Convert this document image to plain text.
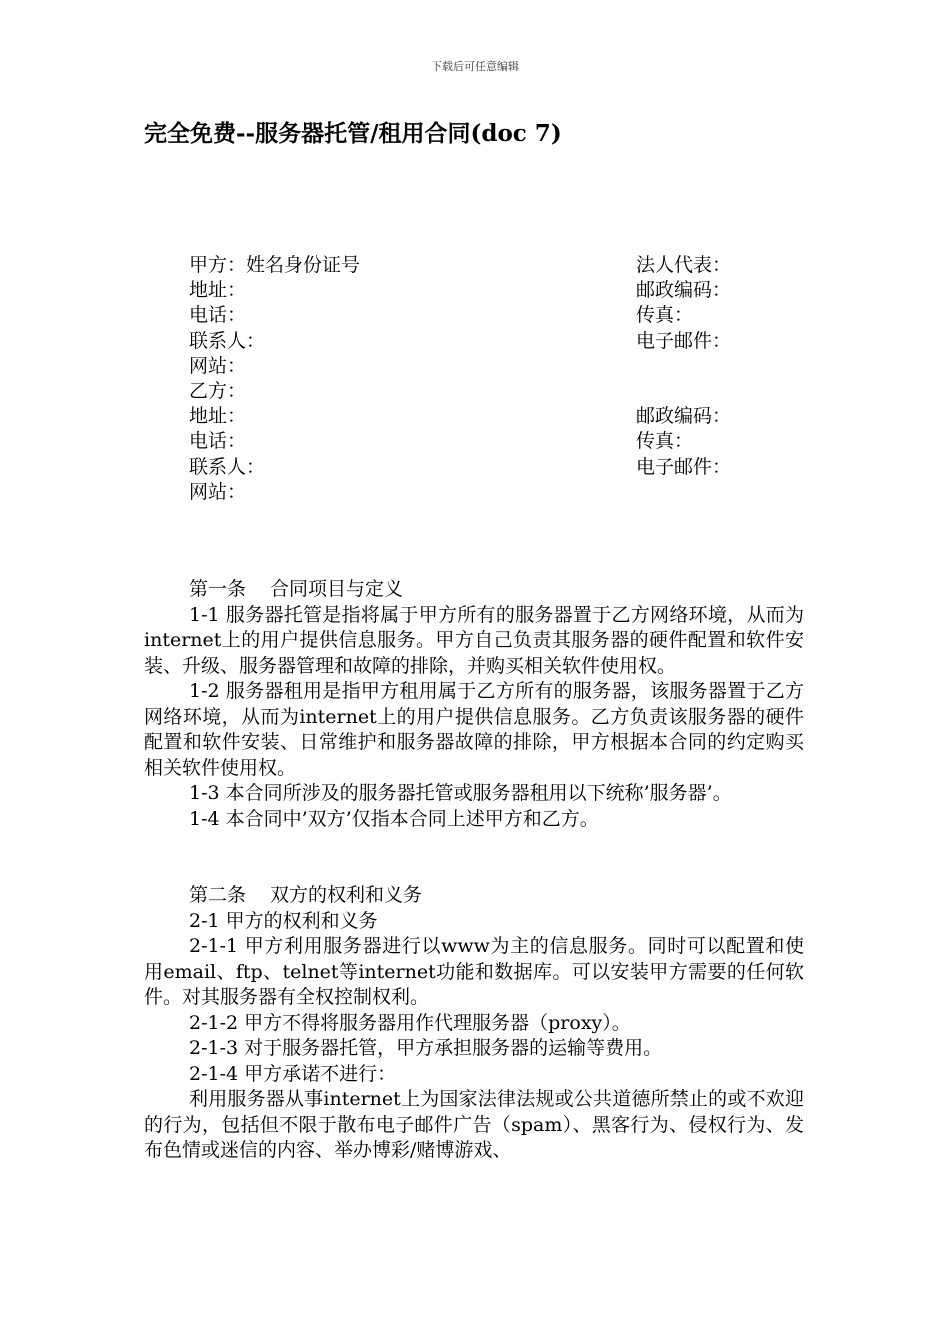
下载后可任意编辑
完全免费--服务器托管/租用合同(doc 7)
甲方：姓名身份证号	法人代表：
地址：	邮政编码：
电话：	传真：
联系人：	电子邮件：
网站：
乙方：
地址：	邮政编码：
电话：	传真：
联系人：	电子邮件：
网站：

第一条 合同项目与定义

1-1 服务器托管是指将属于甲方所有的服务器置于乙方网络环境，从而为internet上的用户提供信息服务。甲方自己负责其服务器的硬件配置和软件安装、升级、服务器管理和故障的排除，并购买相关软件使用权。

1-2 服务器租用是指甲方租用属于乙方所有的服务器，该服务器置于乙方网络环境，从而为internet上的用户提供信息服务。乙方负责该服务器的硬件配置和软件安装、日常维护和服务器故障的排除，甲方根据本合同的约定购买相关软件使用权。

1-3 本合同所涉及的服务器托管或服务器租用以下统称’服务器’。

1-4 本合同中’双方’仅指本合同上述甲方和乙方。

第二条 双方的权利和义务

2-1 甲方的权利和义务

2-1-1 甲方利用服务器进行以www为主的信息服务。同时可以配置和使用email、ftp、telnet等internet功能和数据库。可以安装甲方需要的任何软件。对其服务器有全权控制权利。

2-1-2 甲方不得将服务器用作代理服务器（proxy）。

2-1-3 对于服务器托管，甲方承担服务器的运输等费用。

2-1-4 甲方承诺不进行：

利用服务器从事internet上为国家法律法规或公共道德所禁止的或不欢迎的行为，包括但不限于散布电子邮件广告（spam）、黑客行为、侵权行为、发布色情或迷信的内容、举办博彩/赌博游戏、
